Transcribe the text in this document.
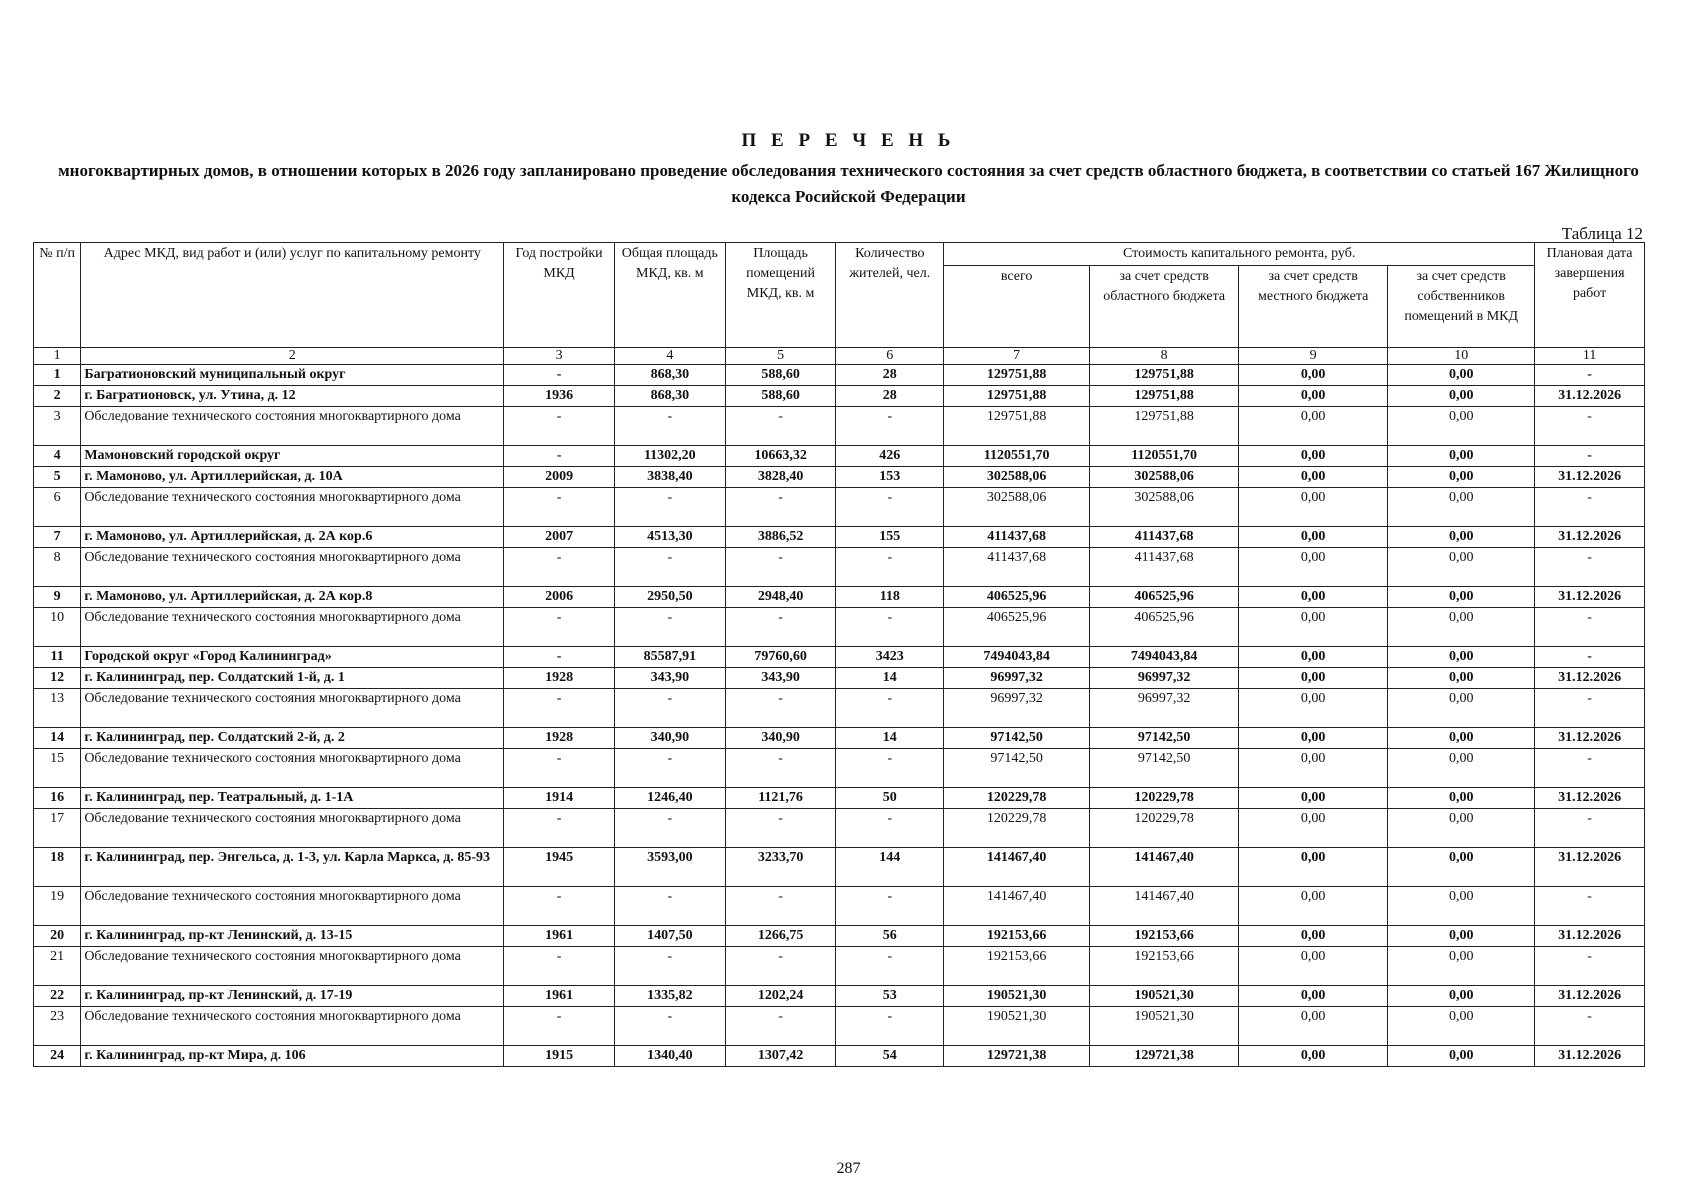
П Е Р Е Ч Е Н Ь
многоквартирных домов, в отношении которых в 2026 году запланировано проведение обследования технического состояния за счет средств областного бюджета, в соответствии со статьей 167 Жилищного кодекса Росийской Федерации
Таблица 12
№ п/п	Адрес МКД, вид работ и (или) услуг по капитальному ремонту	Год постройки МКД	Общая площадь МКД, кв. м	Площадь помещений МКД, кв. м	Количество жителей, чел.	Стоимость капитального ремонта, руб.				Плановая дата завершения работ
						всего	за счет средств областного бюджета	за счет средств местного бюджета	за счет средств собственников помещений в МКД	
1	2	3	4	5	6	7	8	9	10	11
1	Багратионовский муниципальный округ	-	868,30	588,60	28	129751,88	129751,88	0,00	0,00	-
2	г. Багратионовск, ул. Утина, д. 12	1936	868,30	588,60	28	129751,88	129751,88	0,00	0,00	31.12.2026
3	Обследование технического состояния многоквартирного дома	-	-	-	-	129751,88	129751,88	0,00	0,00	-
4	Мамоновский городской округ	-	11302,20	10663,32	426	1120551,70	1120551,70	0,00	0,00	-
5	г. Мамоново, ул. Артиллерийская, д. 10А	2009	3838,40	3828,40	153	302588,06	302588,06	0,00	0,00	31.12.2026
6	Обследование технического состояния многоквартирного дома	-	-	-	-	302588,06	302588,06	0,00	0,00	-
7	г. Мамоново, ул. Артиллерийская, д. 2А кор.6	2007	4513,30	3886,52	155	411437,68	411437,68	0,00	0,00	31.12.2026
8	Обследование технического состояния многоквартирного дома	-	-	-	-	411437,68	411437,68	0,00	0,00	-
9	г. Мамоново, ул. Артиллерийская, д. 2А кор.8	2006	2950,50	2948,40	118	406525,96	406525,96	0,00	0,00	31.12.2026
10	Обследование технического состояния многоквартирного дома	-	-	-	-	406525,96	406525,96	0,00	0,00	-
11	Городской округ «Город Калининград»	-	85587,91	79760,60	3423	7494043,84	7494043,84	0,00	0,00	-
12	г. Калининград, пер. Солдатский 1-й, д. 1	1928	343,90	343,90	14	96997,32	96997,32	0,00	0,00	31.12.2026
13	Обследование технического состояния многоквартирного дома	-	-	-	-	96997,32	96997,32	0,00	0,00	-
14	г. Калининград, пер. Солдатский 2-й, д. 2	1928	340,90	340,90	14	97142,50	97142,50	0,00	0,00	31.12.2026
15	Обследование технического состояния многоквартирного дома	-	-	-	-	97142,50	97142,50	0,00	0,00	-
16	г. Калининград, пер. Театральный, д. 1-1А	1914	1246,40	1121,76	50	120229,78	120229,78	0,00	0,00	31.12.2026
17	Обследование технического состояния многоквартирного дома	-	-	-	-	120229,78	120229,78	0,00	0,00	-
18	г. Калининград, пер. Энгельса, д. 1-3, ул. Карла Маркса, д. 85-93	1945	3593,00	3233,70	144	141467,40	141467,40	0,00	0,00	31.12.2026
19	Обследование технического состояния многоквартирного дома	-	-	-	-	141467,40	141467,40	0,00	0,00	-
20	г. Калининград, пр-кт Ленинский, д. 13-15	1961	1407,50	1266,75	56	192153,66	192153,66	0,00	0,00	31.12.2026
21	Обследование технического состояния многоквартирного дома	-	-	-	-	192153,66	192153,66	0,00	0,00	-
22	г. Калининград, пр-кт Ленинский, д. 17-19	1961	1335,82	1202,24	53	190521,30	190521,30	0,00	0,00	31.12.2026
23	Обследование технического состояния многоквартирного дома	-	-	-	-	190521,30	190521,30	0,00	0,00	-
24	г. Калининград, пр-кт Мира, д. 106	1915	1340,40	1307,42	54	129721,38	129721,38	0,00	0,00	31.12.2026
287
